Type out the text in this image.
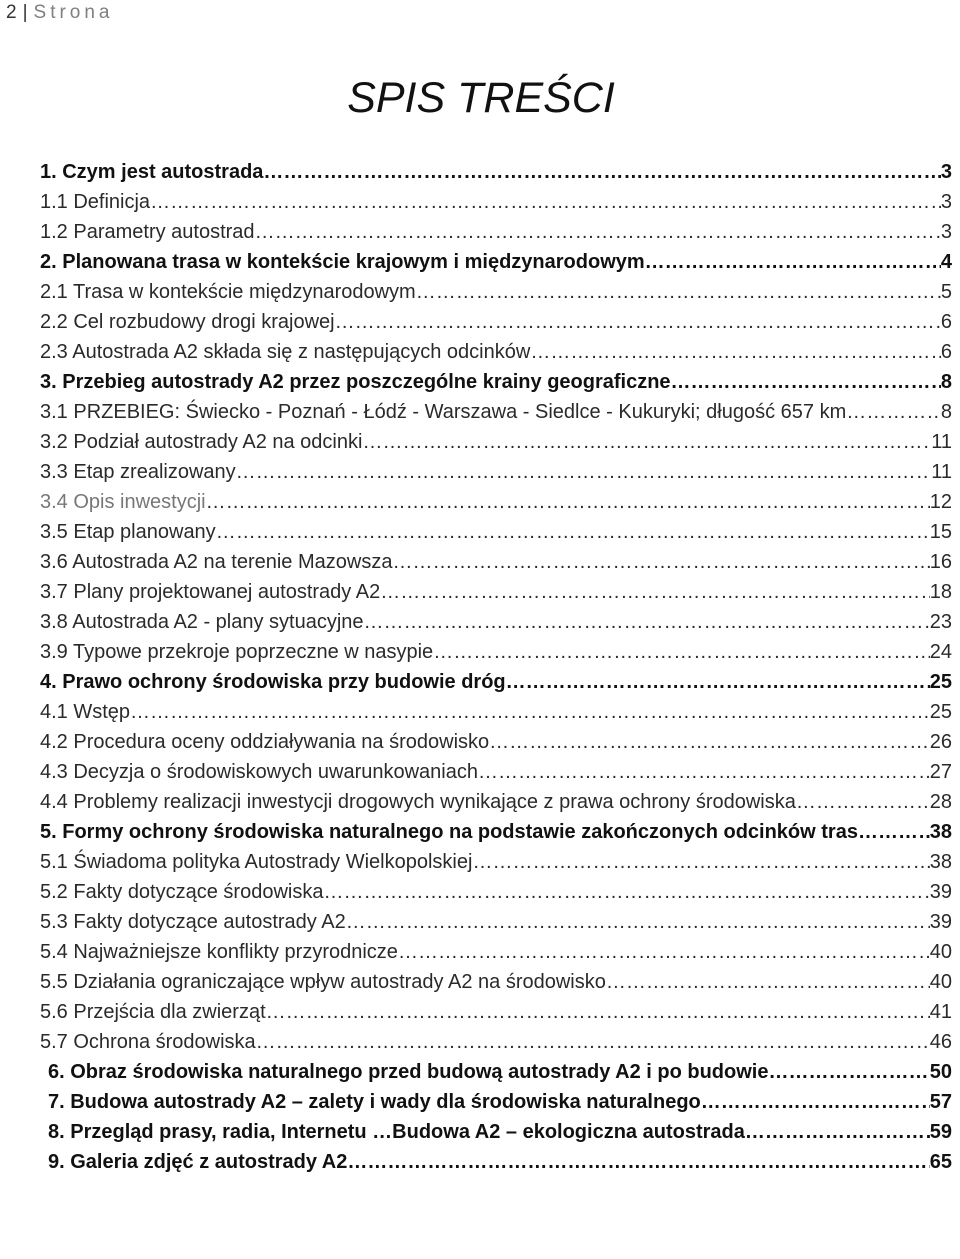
2 | Strona
SPIS TREŚCI
1. Czym jest autostrada …………………………………………………………………………………………………………………………………………………………………………………………………………………………………………………………………………………………	3
1.1 Definicja …………………………………………………………………………………………………………………………………………………………………………………………………………………………………………………………………………………………	3
1.2 Parametry autostrad …………………………………………………………………………………………………………………………………………………………………………………………………………………………………………………………………………………………	3
2. Planowana trasa w kontekście krajowym i międzynarodowym …………………………………………………………………………………………………………………………………………………………………………………………………………………………………………………………………………………………	4
2.1 Trasa w kontekście międzynarodowym …………………………………………………………………………………………………………………………………………………………………………………………………………………………………………………………………………………………	5
2.2 Cel rozbudowy drogi krajowej …………………………………………………………………………………………………………………………………………………………………………………………………………………………………………………………………………………………	6
2.3 Autostrada A2 składa się z następujących odcinków …………………………………………………………………………………………………………………………………………………………………………………………………………………………………………………………………………………………	6
3. Przebieg autostrady A2 przez poszczególne krainy geograficzne …………………………………………………………………………………………………………………………………………………………………………………………………………………………………………………………………………………………	8
3.1 PRZEBIEG: Świecko - Poznań - Łódź - Warszawa - Siedlce - Kukuryki; długość 657 km …………………………………………………………………………………………………………………………………………………………………………………………………………………………………………………………………………………………	8
3.2 Podział autostrady A2 na odcinki …………………………………………………………………………………………………………………………………………………………………………………………………………………………………………………………………………………………	11
3.3 Etap zrealizowany …………………………………………………………………………………………………………………………………………………………………………………………………………………………………………………………………………………………	11
3.4 Opis inwestycji …………………………………………………………………………………………………………………………………………………………………………………………………………………………………………………………………………………………	12
3.5 Etap planowany …………………………………………………………………………………………………………………………………………………………………………………………………………………………………………………………………………………………	15
3.6 Autostrada A2 na terenie Mazowsza …………………………………………………………………………………………………………………………………………………………………………………………………………………………………………………………………………………………	16
3.7 Plany projektowanej autostrady A2 …………………………………………………………………………………………………………………………………………………………………………………………………………………………………………………………………………………………	18
3.8 Autostrada A2 - plany sytuacyjne …………………………………………………………………………………………………………………………………………………………………………………………………………………………………………………………………………………………	23
3.9 Typowe przekroje poprzeczne w nasypie …………………………………………………………………………………………………………………………………………………………………………………………………………………………………………………………………………………………	24
4. Prawo ochrony środowiska przy budowie dróg …………………………………………………………………………………………………………………………………………………………………………………………………………………………………………………………………………………………	25
4.1 Wstęp …………………………………………………………………………………………………………………………………………………………………………………………………………………………………………………………………………………………	25
4.2 Procedura oceny oddziaływania na środowisko …………………………………………………………………………………………………………………………………………………………………………………………………………………………………………………………………………………………	26
4.3 Decyzja o środowiskowych uwarunkowaniach …………………………………………………………………………………………………………………………………………………………………………………………………………………………………………………………………………………………	27
4.4 Problemy realizacji inwestycji drogowych wynikające z prawa ochrony środowiska …………………………………………………………………………………………………………………………………………………………………………………………………………………………………………………………………………………………	28
5. Formy ochrony środowiska naturalnego na podstawie zakończonych odcinków tras …………………………………………………………………………………………………………………………………………………………………………………………………………………………………………………………………………………………	38
5.1 Świadoma polityka Autostrady Wielkopolskiej …………………………………………………………………………………………………………………………………………………………………………………………………………………………………………………………………………………………	38
5.2 Fakty dotyczące środowiska …………………………………………………………………………………………………………………………………………………………………………………………………………………………………………………………………………………………	39
5.3 Fakty dotyczące autostrady A2 …………………………………………………………………………………………………………………………………………………………………………………………………………………………………………………………………………………………	39
5.4 Najważniejsze konflikty przyrodnicze …………………………………………………………………………………………………………………………………………………………………………………………………………………………………………………………………………………………	40
5.5 Działania ograniczające wpływ autostrady A2 na środowisko …………………………………………………………………………………………………………………………………………………………………………………………………………………………………………………………………………………………	40
5.6 Przejścia dla zwierząt …………………………………………………………………………………………………………………………………………………………………………………………………………………………………………………………………………………………	41
5.7 Ochrona środowiska …………………………………………………………………………………………………………………………………………………………………………………………………………………………………………………………………………………………	46
6. Obraz środowiska naturalnego przed budową autostrady A2 i po budowie …………………………………………………………………………………………………………………………………………………………………………………………………………………………………………………………………………………………	50
7. Budowa autostrady A2 – zalety i wady dla środowiska naturalnego …………………………………………………………………………………………………………………………………………………………………………………………………………………………………………………………………………………………	57
8. Przegląd prasy, radia, Internetu …Budowa A2 – ekologiczna autostrada …………………………………………………………………………………………………………………………………………………………………………………………………………………………………………………………………………………………	59
9. Galeria zdjęć z autostrady A2 …………………………………………………………………………………………………………………………………………………………………………………………………………………………………………………………………………………………	65
